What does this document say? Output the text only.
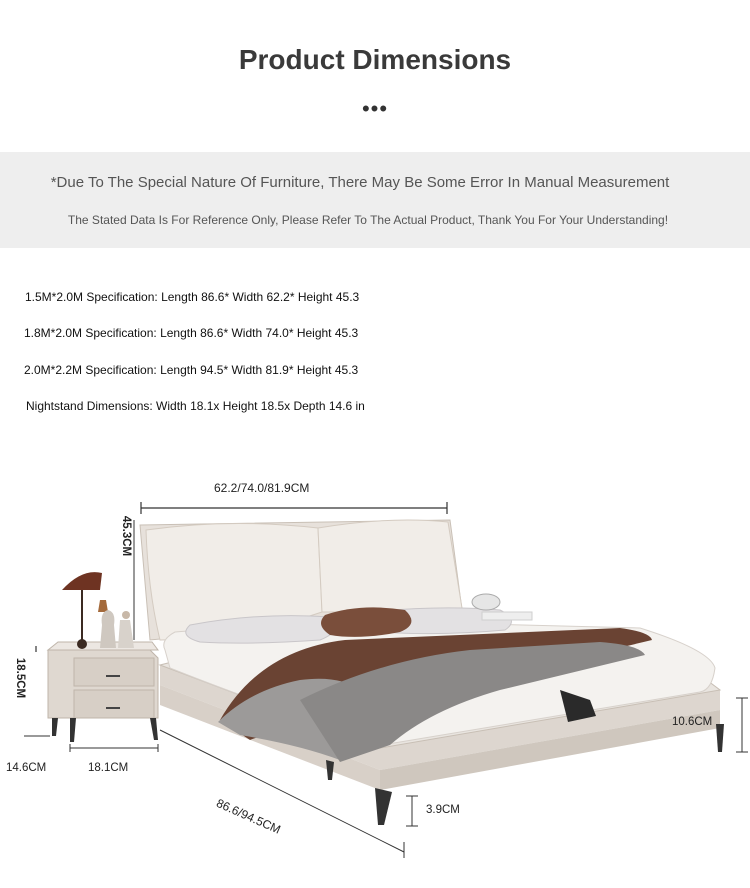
Product Dimensions
•••
*Due To The Special Nature Of Furniture, There May Be Some Error In Manual Measurement
The Stated Data Is For Reference Only, Please Refer To The Actual Product, Thank You For Your Understanding!
1.5M*2.0M Specification: Length 86.6* Width 62.2* Height 45.3
1.8M*2.0M Specification: Length 86.6* Width 74.0* Height 45.3
2.0M*2.2M Specification: Length 94.5* Width 81.9* Height 45.3
Nightstand Dimensions: Width 18.1x Height 18.5x Depth 14.6 in
62.2/74.0/81.9CM
45.3CM
18.5CM
14.6CM	18.1CM
86.6/94.5CM
10.6CM
3.9CM
